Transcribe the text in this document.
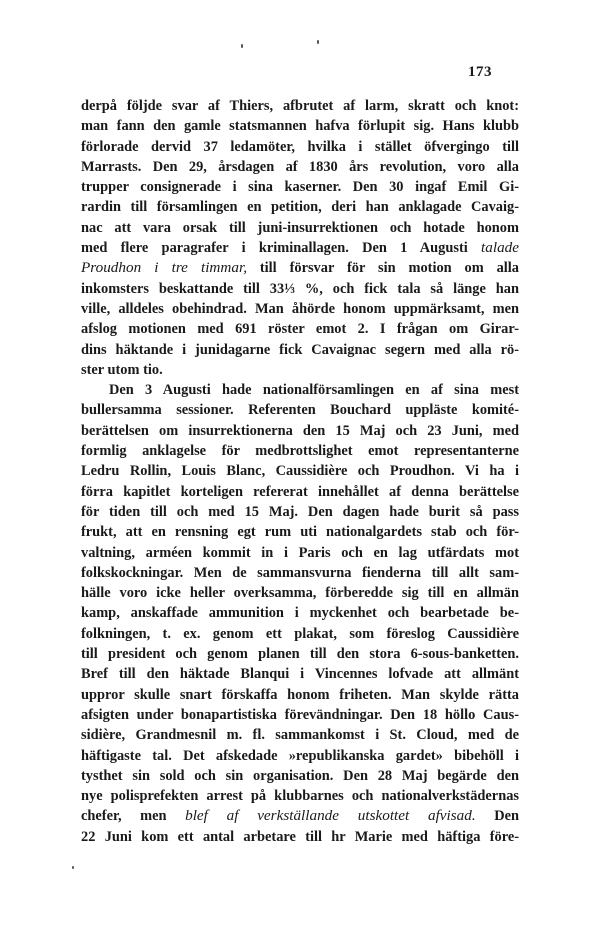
173
derpå följde svar af Thiers, afbrutet af larm, skratt och knot:
man fann den gamle statsmannen hafva förlupit sig. Hans klubb
förlorade dervid 37 ledamöter, hvilka i stället öfvergingo till
Marrasts. Den 29, årsdagen af 1830 års revolution, voro alla
trupper consignerade i sina kaserner. Den 30 ingaf Emil Gi-
rardin till församlingen en petition, deri han anklagade Cavaig-
nac att vara orsak till juni-insurrektionen och hotade honom
med flere paragrafer i kriminallagen. Den 1 Augusti talade
Proudhon i tre timmar, till försvar för sin motion om alla
inkomsters beskattande till 33⅓ %, och fick tala så länge han
ville, alldeles obehindrad. Man åhörde honom uppmärksamt, men
afslog motionen med 691 röster emot 2. I frågan om Girar-
dins häktande i junidagarne fick Cavaignac segern med alla rö-
ster utom tio.
Den 3 Augusti hade nationalförsamlingen en af sina mest
bullersamma sessioner. Referenten Bouchard uppläste komité-
berättelsen om insurrektionerna den 15 Maj och 23 Juni, med
formlig anklagelse för medbrottslighet emot representanterne
Ledru Rollin, Louis Blanc, Caussidière och Proudhon. Vi ha i
förra kapitlet korteligen refererat innehållet af denna berättelse
för tiden till och med 15 Maj. Den dagen hade burit så pass
frukt, att en rensning egt rum uti nationalgardets stab och för-
valtning, arméen kommit in i Paris och en lag utfärdats mot
folkskockningar. Men de sammansvurna fienderna till allt sam-
hälle voro icke heller overksamma, förberedde sig till en allmän
kamp, anskaffade ammunition i myckenhet och bearbetade be-
folkningen, t. ex. genom ett plakat, som föreslog Caussidière
till president och genom planen till den stora 6-sous-banketten.
Bref till den häktade Blanqui i Vincennes lofvade att allmänt
uppror skulle snart förskaffa honom friheten. Man skylde rätta
afsigten under bonapartistiska förevändningar. Den 18 höllo Caus-
sidière, Grandmesnil m. fl. sammankomst i St. Cloud, med de
häftigaste tal. Det afskedade »republikanska gardet» bibehöll i
tysthet sin sold och sin organisation. Den 28 Maj begärde den
nye polisprefekten arrest på klubbarnes och nationalverkstädernas
chefer, men blef af verkställande utskottet afvisad. Den
22 Juni kom ett antal arbetare till hr Marie med häftiga före-
